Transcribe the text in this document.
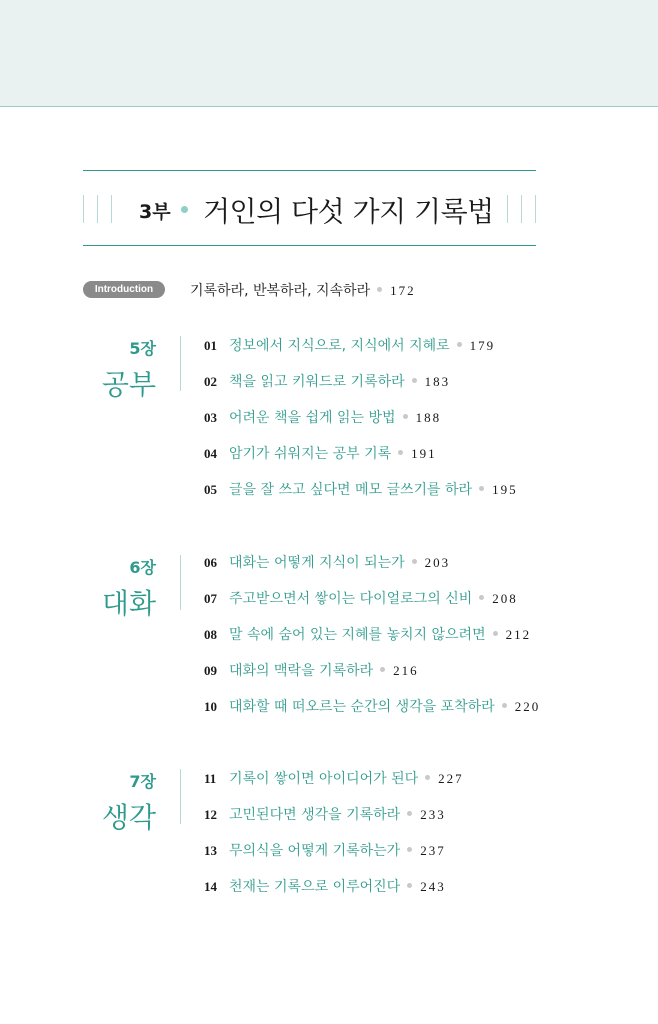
3부 거인의 다섯 가지 기록법
Introduction	기록하라, 반복하라, 지속하라 172
5장
공부
01 정보에서 지식으로, 지식에서 지혜로 179
02 책을 읽고 키워드로 기록하라 183
03 어려운 책을 쉽게 읽는 방법 188
04 암기가 쉬워지는 공부 기록 191
05 글을 잘 쓰고 싶다면 메모 글쓰기를 하라 195
6장
대화
06 대화는 어떻게 지식이 되는가 203
07 주고받으면서 쌓이는 다이얼로그의 신비 208
08 말 속에 숨어 있는 지혜를 놓치지 않으려면 212
09 대화의 맥락을 기록하라 216
10 대화할 때 떠오르는 순간의 생각을 포착하라 220
7장
생각
11 기록이 쌓이면 아이디어가 된다 227
12 고민된다면 생각을 기록하라 233
13 무의식을 어떻게 기록하는가 237
14 천재는 기록으로 이루어진다 243
